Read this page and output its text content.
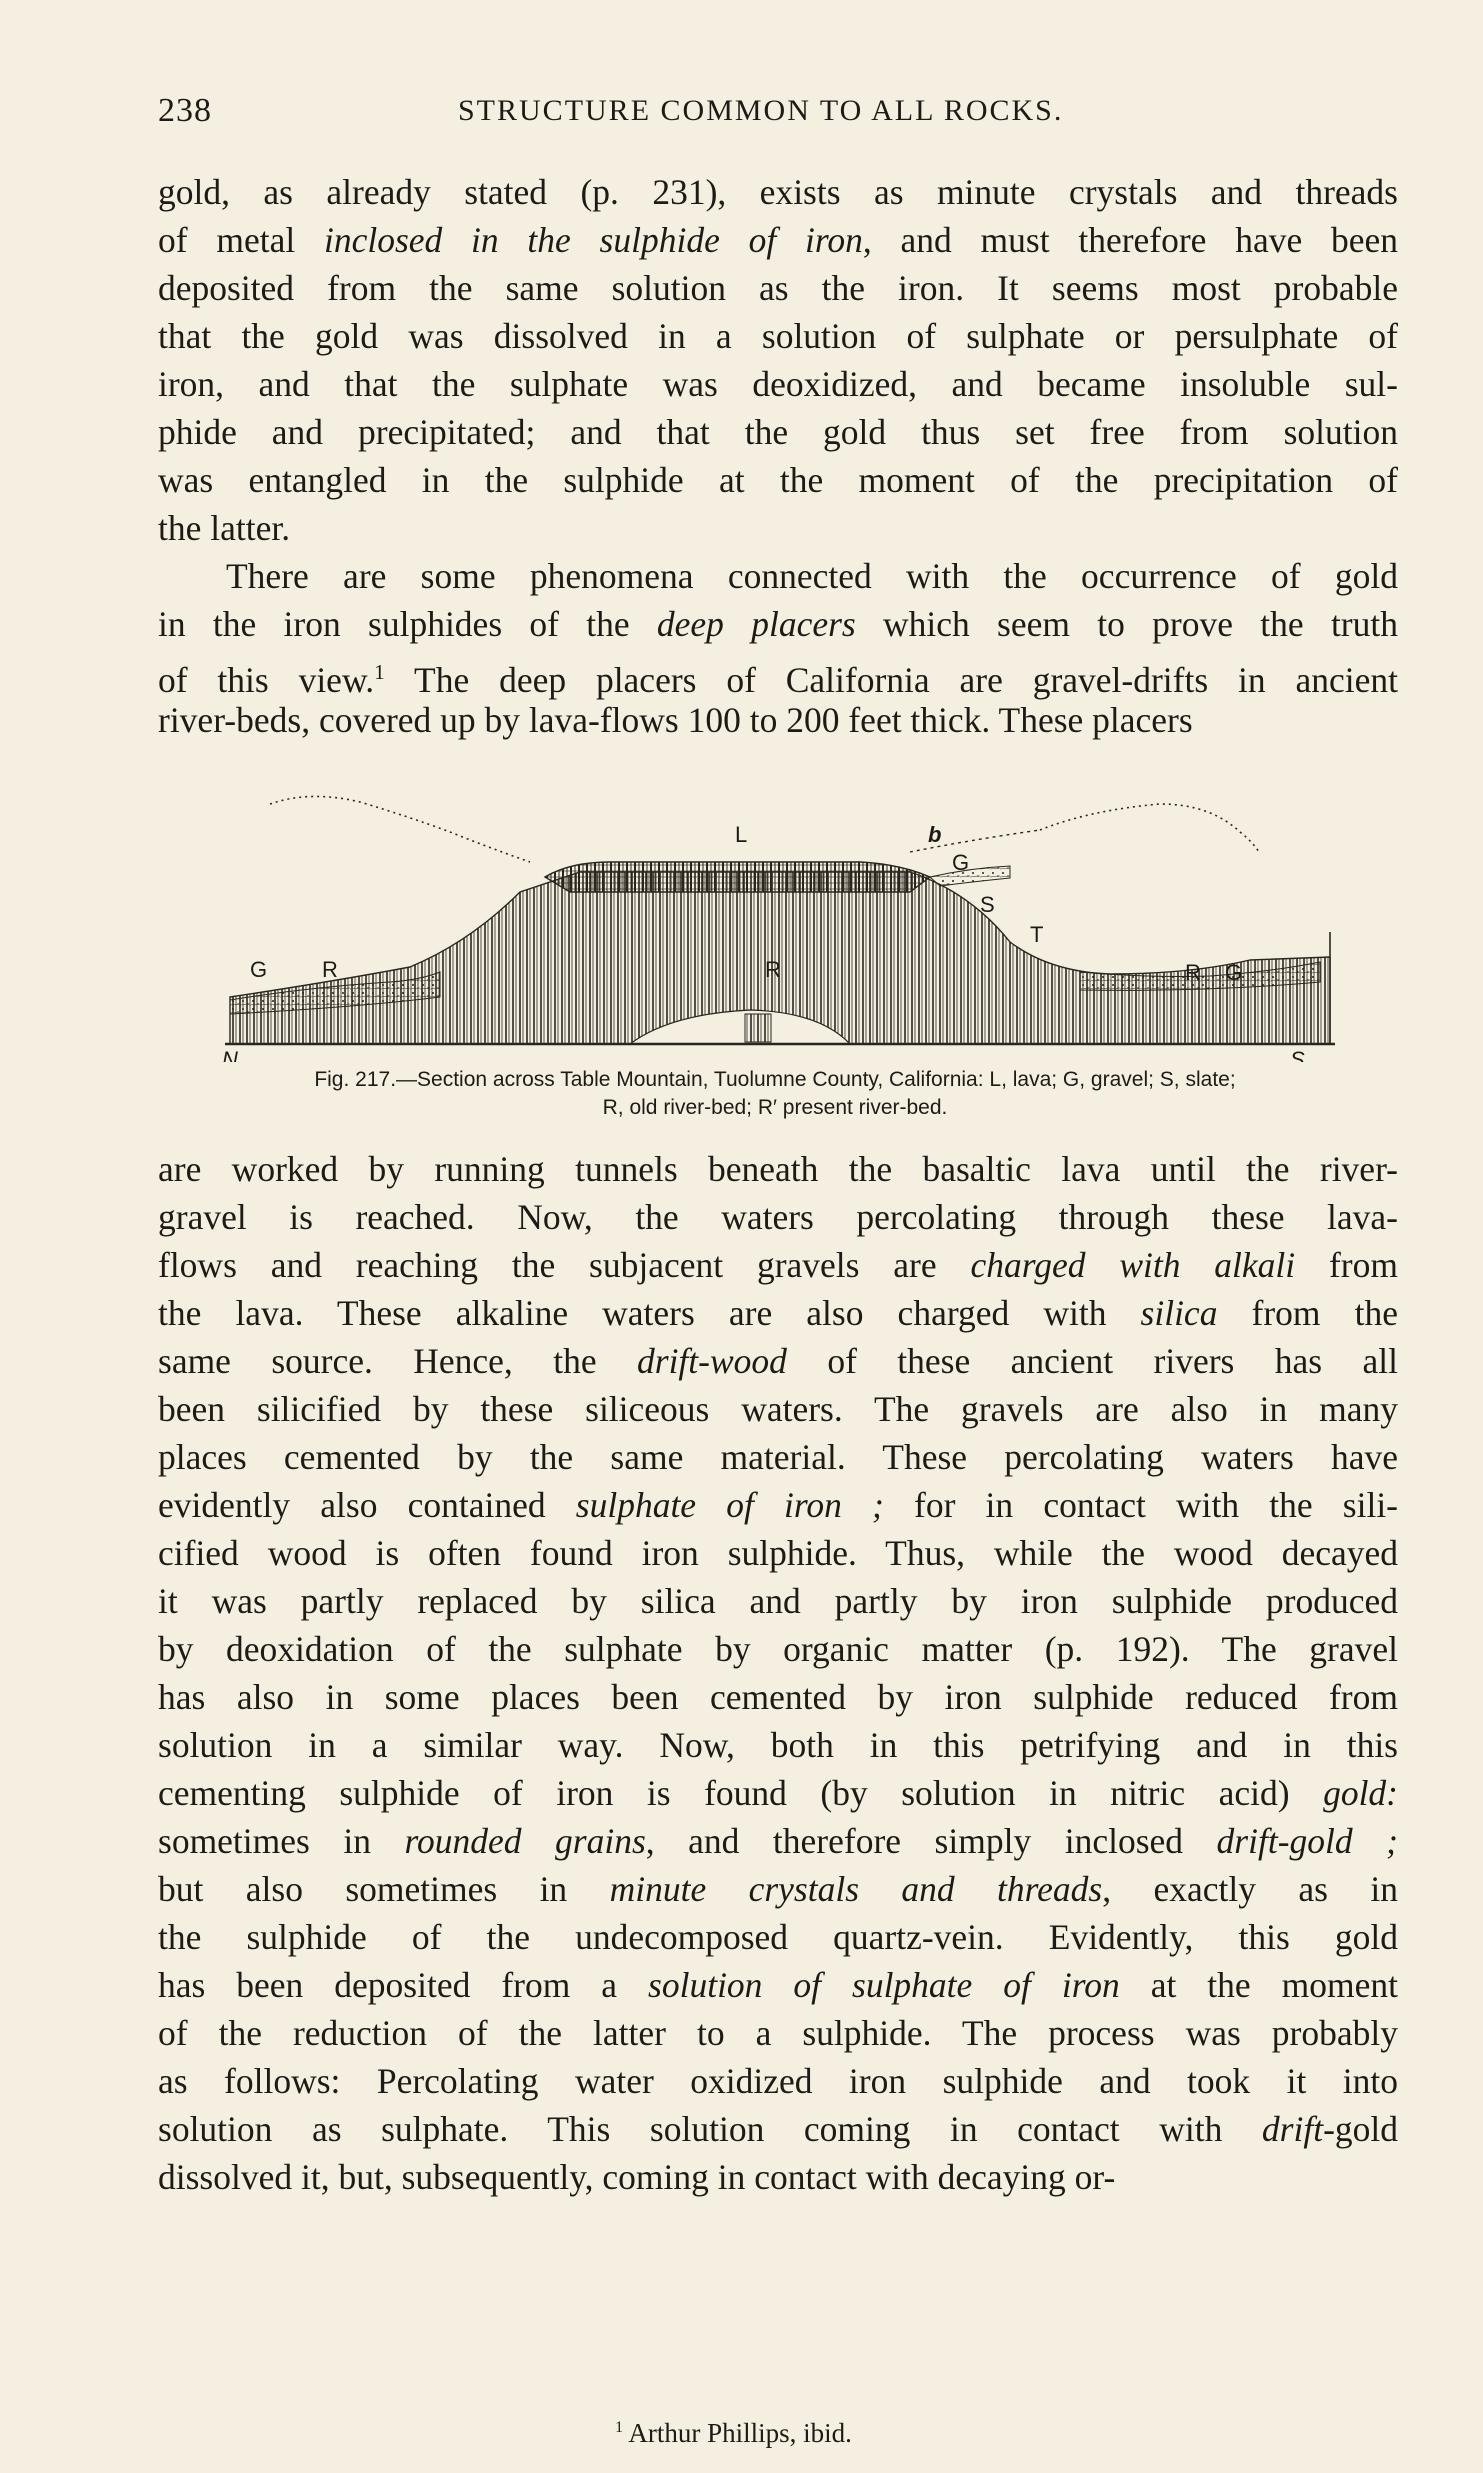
238	STRUCTURE COMMON TO ALL ROCKS.
gold, as already stated (p. 231), exists as minute crystals and threads
of metal inclosed in the sulphide of iron, and must therefore have been
deposited from the same solution as the iron. It seems most probable
that the gold was dissolved in a solution of sulphate or persulphate of
iron, and that the sulphate was deoxidized, and became insoluble sul-
phide and precipitated; and that the gold thus set free from solution
was entangled in the sulphide at the moment of the precipitation of
the latter.
There are some phenomena connected with the occurrence of gold
in the iron sulphides of the deep placers which seem to prove the truth
of this view.$^1$ The deep placers of California are gravel-drifts in ancient
river-beds, covered up by lava-flows 100 to 200 feet thick. These placers
L	b
G
S
T
G R	R	R G
N	S
Fig. 217.—Section across Table Mountain, Tuolumne County, California: L, lava; G, gravel; S, slate;
R, old river-bed; R′ present river-bed.
are worked by running tunnels beneath the basaltic lava until the river-
gravel is reached. Now, the waters percolating through these lava-
flows and reaching the subjacent gravels are charged with alkali from
the lava. These alkaline waters are also charged with silica from the
same source. Hence, the drift-wood of these ancient rivers has all
been silicified by these siliceous waters. The gravels are also in many
places cemented by the same material. These percolating waters have
evidently also contained sulphate of iron ; for in contact with the sili-
cified wood is often found iron sulphide. Thus, while the wood decayed
it was partly replaced by silica and partly by iron sulphide produced
by deoxidation of the sulphate by organic matter (p. 192). The gravel
has also in some places been cemented by iron sulphide reduced from
solution in a similar way. Now, both in this petrifying and in this
cementing sulphide of iron is found (by solution in nitric acid) gold:
sometimes in rounded grains, and therefore simply inclosed drift-gold ;
but also sometimes in minute crystals and threads, exactly as in
the sulphide of the undecomposed quartz-vein. Evidently, this gold
has been deposited from a solution of sulphate of iron at the moment
of the reduction of the latter to a sulphide. The process was probably
as follows: Percolating water oxidized iron sulphide and took it into
solution as sulphate. This solution coming in contact with drift-gold
dissolved it, but, subsequently, coming in contact with decaying or-
$^1$ Arthur Phillips, ibid.
